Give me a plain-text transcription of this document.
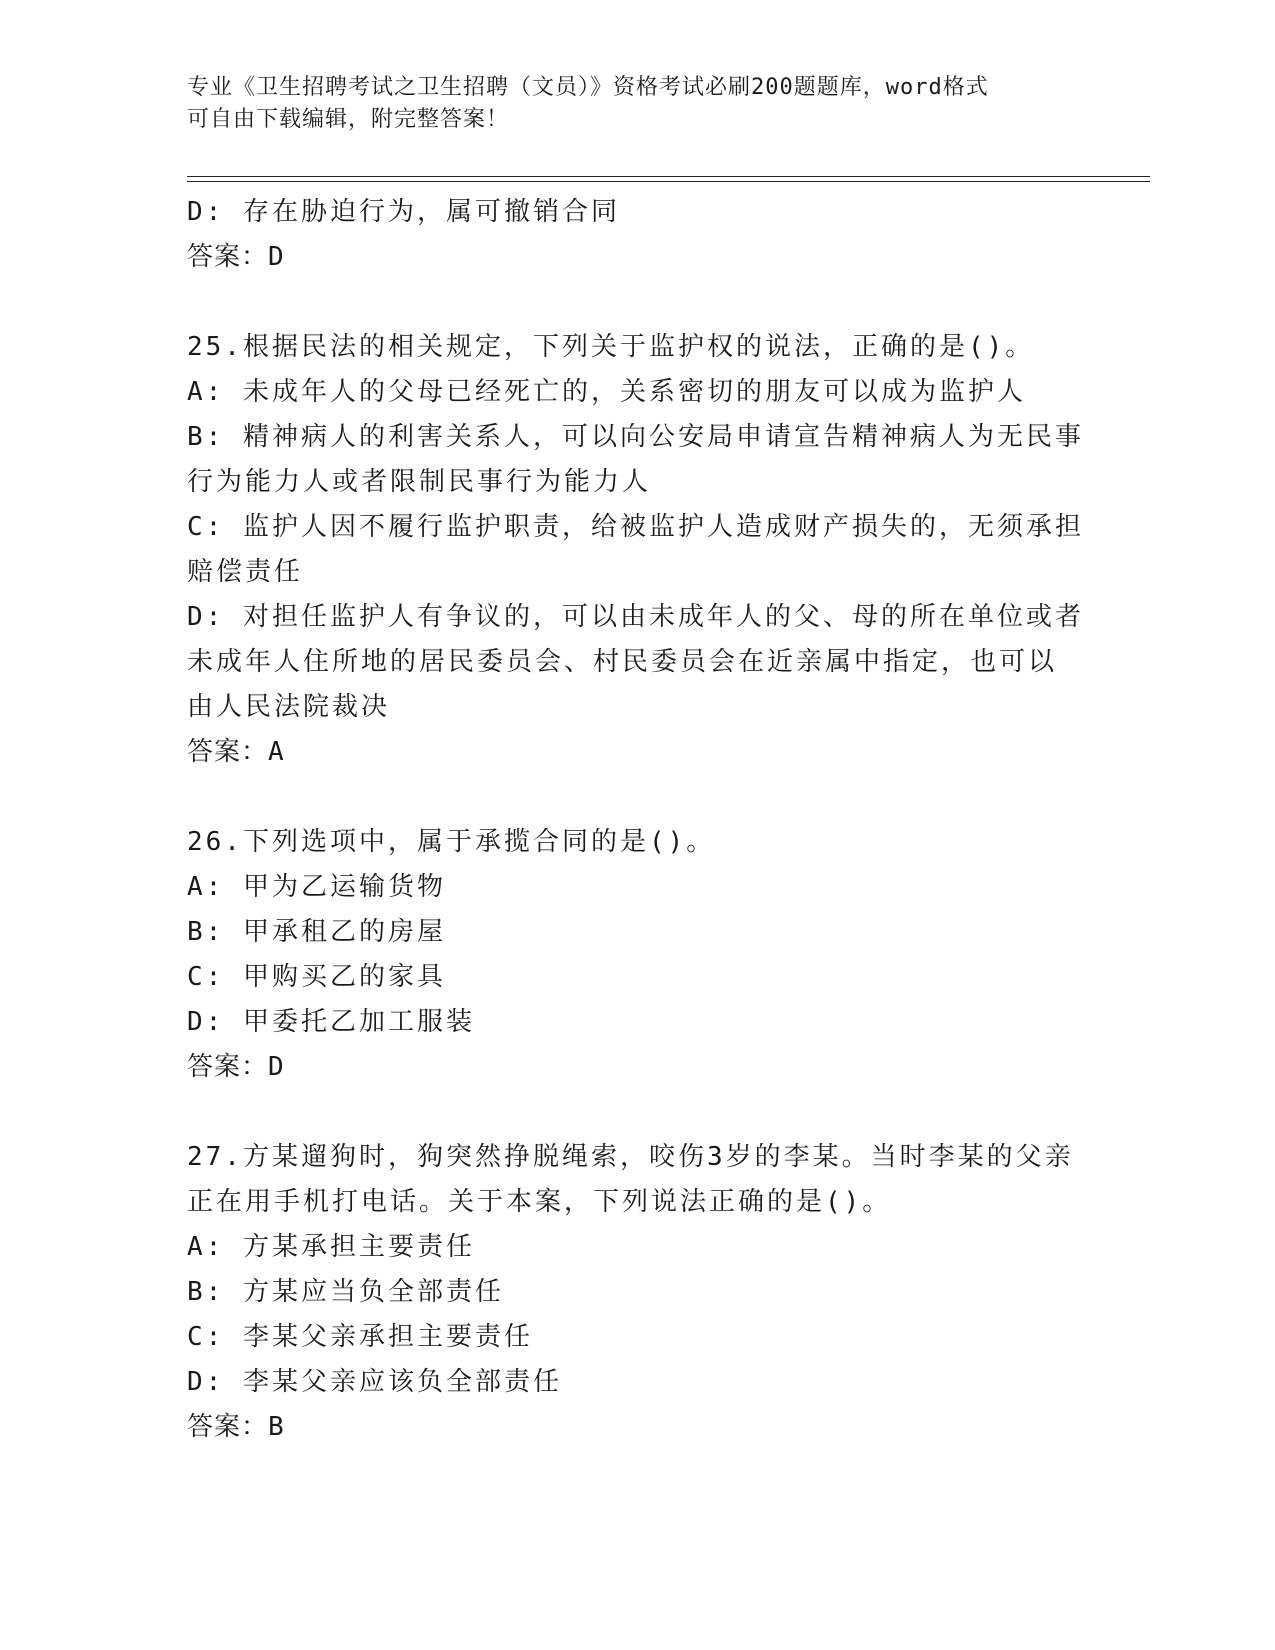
专业《卫生招聘考试之卫生招聘（文员）》资格考试必刷200题题库，word格式
可自由下载编辑，附完整答案！
D: 存在胁迫行为，属可撤销合同
答案：D
25.根据民法的相关规定，下列关于监护权的说法，正确的是()。
A: 未成年人的父母已经死亡的，关系密切的朋友可以成为监护人
B: 精神病人的利害关系人，可以向公安局申请宣告精神病人为无民事
行为能力人或者限制民事行为能力人
C: 监护人因不履行监护职责，给被监护人造成财产损失的，无须承担
赔偿责任
D: 对担任监护人有争议的，可以由未成年人的父、母的所在单位或者
未成年人住所地的居民委员会、村民委员会在近亲属中指定，也可以
由人民法院裁决
答案：A
26.下列选项中，属于承揽合同的是()。
A: 甲为乙运输货物
B: 甲承租乙的房屋
C: 甲购买乙的家具
D: 甲委托乙加工服装
答案：D
27.方某遛狗时，狗突然挣脱绳索，咬伤3岁的李某。当时李某的父亲
正在用手机打电话。关于本案，下列说法正确的是()。
A: 方某承担主要责任
B: 方某应当负全部责任
C: 李某父亲承担主要责任
D: 李某父亲应该负全部责任
答案：B
